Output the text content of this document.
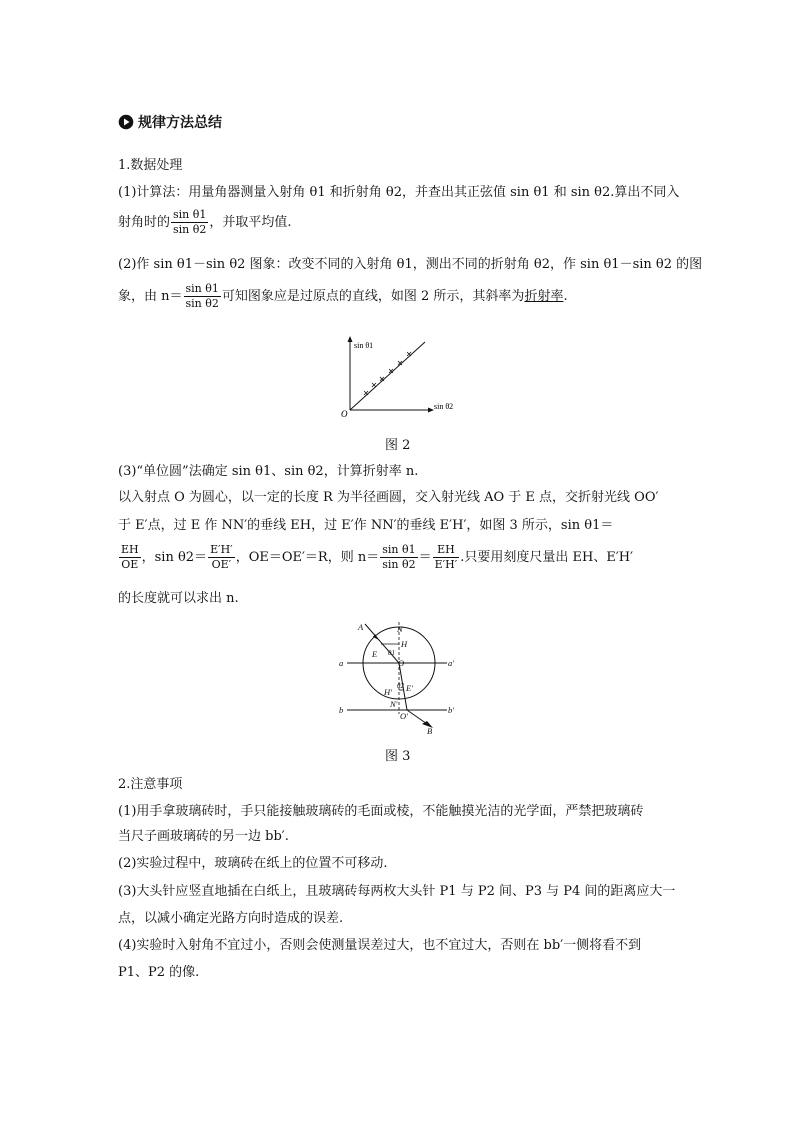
规律方法总结
1.数据处理
(1)计算法：用量角器测量入射角 θ1 和折射角 θ2，并查出其正弦值 sin θ1 和 sin θ2.算出不同入
射角时的 $\frac{\text{sin θ1}}{\text{sin θ2}}$ ，并取平均值.
(2)作 sin θ1－sin θ2 图象：改变不同的入射角 θ1，测出不同的折射角 θ2，作 sin θ1－sin θ2 的图
象，由 $n= \frac{\text{sin θ1}}{\text{sin θ2}}$ 可知图象应是过原点的直线，如图 2 所示，其斜率为折射率.
sin θ1
sin θ2
O
图 2
(3)“单位圆”法确定 sin θ1、sin θ2，计算折射率 n.
以入射点 O 为圆心，以一定的长度 R 为半径画圆，交入射光线 AO 于 E 点，交折射光线 OO′
于 E′点，过 E 作 NN′的垂线 EH，过 E′作 NN′的垂线 E′H′，如图 3 所示，sin θ1＝
$\frac{EH}{OE}$ ，$\sin \theta 2= \frac{E'H'}{OE'}$ ，OE＝OE′＝R，则 $n= \frac{\text{sin θ1}}{\text{sin θ2}} = \frac{EH}{E'H'}$ .只要用刻度尺量出 EH、E′H′
的长度就可以求出 n.
A	N
H
E θ1
O
a	a′
θ2 E′
H′
N′
b	b′
O′
B
图 3
2.注意事项
(1)用手拿玻璃砖时，手只能接触玻璃砖的毛面或棱，不能触摸光洁的光学面，严禁把玻璃砖
当尺子画玻璃砖的另一边 bb′.
(2)实验过程中，玻璃砖在纸上的位置不可移动.
(3)大头针应竖直地插在白纸上，且玻璃砖每两枚大头针 P1 与 P2 间、P3 与 P4 间的距离应大一
点，以减小确定光路方向时造成的误差.
(4)实验时入射角不宜过小，否则会使测量误差过大，也不宜过大，否则在 bb′一侧将看不到
P1、P2 的像.
